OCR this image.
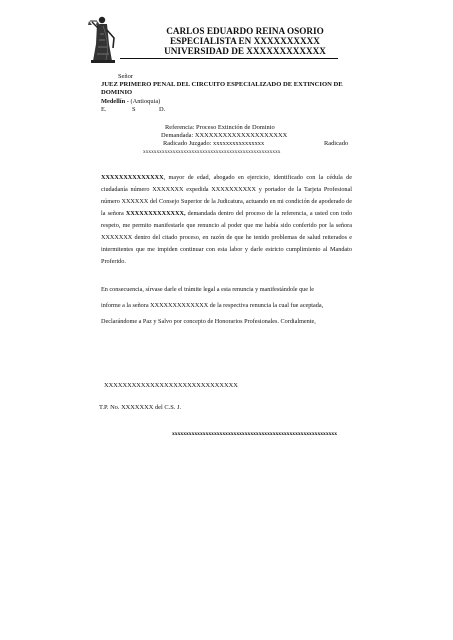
CARLOS EDUARDO REINA OSORIO
ESPECIALISTA EN XXXXXXXXXX
UNIVERSIDAD DE XXXXXXXXXXXX
Señor
JUEZ PRIMERO PENAL DEL CIRCUITO ESPECIALIZADO DE EXTINCION DE
DOMINIO
Medellín - (Antioquia)
E.	S	D.
Referencia: Proceso Extinción de Dominio
Demandada: XXXXXXXXXXXXXXXXXXXX
Radicado Juzgado: xxxxxxxxxxxxxxxx	Radicado
xxxxxxxxxxxxxxxxxxxxxxxxxxxxxxxxxxxxxxxxxxxxxxxxxxx
XXXXXXXXXXXXXX, mayor de edad, abogado en ejercicio, identificado con la cédula de ciudadanía número XXXXXXX expedida XXXXXXXXXX y portador de la Tarjeta Profesional número XXXXXX del Consejo Superior de la Judicatura, actuando en mi condición de apoderado de la señora XXXXXXXXXXXXX, demandada dentro del proceso de la referencia, a usted con todo respeto, me permito manifestarle que renuncio al poder que me había sido conferido por la señora XXXXXXX dentro del citado proceso, en razón de que he tenido problemas de salud reiterados e intermitentes que me impiden continuar con esta labor y darle estricto cumplimiento al Mandato Proferido.
En consecuencia, sírvase darle el trámite legal a esta renuncia y manifestándole que le
informe a la señora XXXXXXXXXXXXX de la respectiva renuncia la cual fue aceptada,
Declarándome a Paz y Salvo por concepto de Honorarios Profesionales. Cordialmente,
XXXXXXXXXXXXXXXXXXXXXXXXXXXXX
T.P. No. XXXXXXX del C.S. J.
xxxxxxxxxxxxxxxxxxxxxxxxxxxxxxxxxxxxxxxxxxxxxxxxxxxxxxxxxxx
